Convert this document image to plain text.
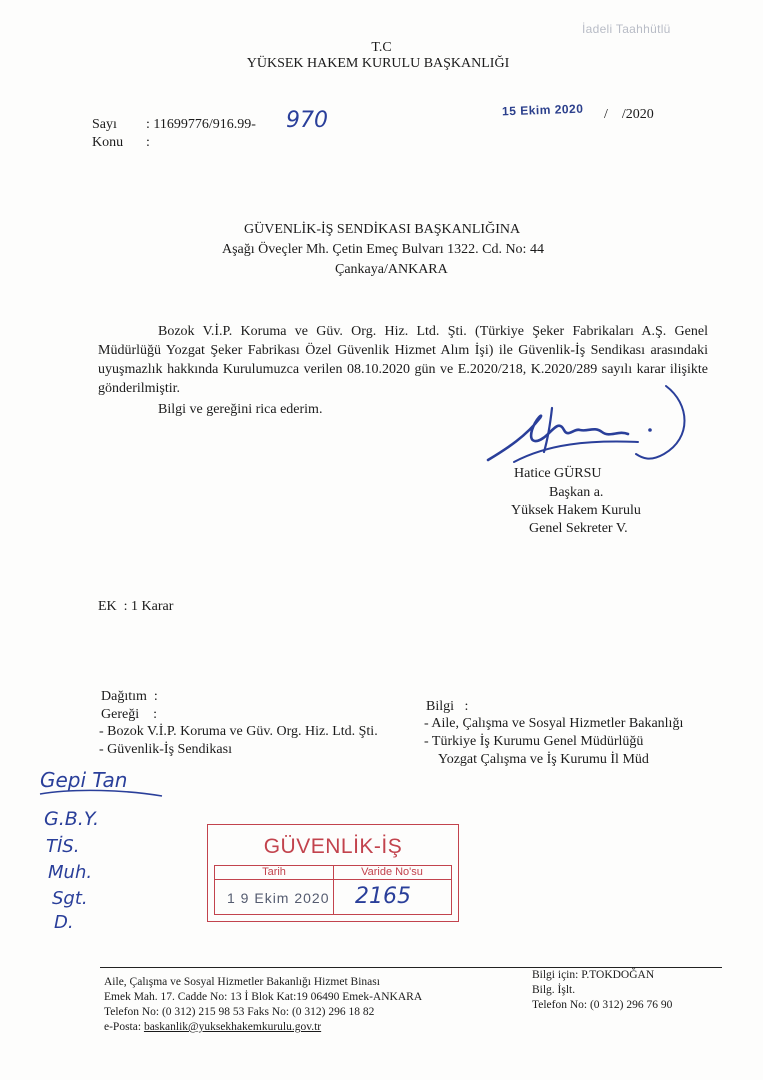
İadeli Taahhütlü
T.C
YÜKSEK HAKEM KURULU BAŞKANLIĞI
Sayı : 11699776/916.99- 970
Konu :
15 Ekim 2020 /    /2020
GÜVENLİK-İŞ SENDİKASI BAŞKANLIĞINA
Aşağı Öveçler Mh. Çetin Emeç Bulvarı 1322. Cd. No: 44
Çankaya/ANKARA
Bozok V.İ.P. Koruma ve Güv. Org. Hiz. Ltd. Şti. (Türkiye Şeker Fabrikaları A.Ş. Genel Müdürlüğü Yozgat Şeker Fabrikası Özel Güvenlik Hizmet Alım İşi) ile Güvenlik-İş Sendikası arasındaki uyuşmazlık hakkında Kurulumuzca verilen 08.10.2020 gün ve E.2020/218, K.2020/289 sayılı karar ilişikte gönderilmiştir.
Bilgi ve gereğini rica ederim.
Hatice GÜRSU
Başkan a.
Yüksek Hakem Kurulu
Genel Sekreter V.
EK  : 1 Karar
Dağıtım  :
Gereği    :
- Bozok V.İ.P. Koruma ve Güv. Org. Hiz. Ltd. Şti.
- Güvenlik-İş Sendikası
Bilgi   :
- Aile, Çalışma ve Sosyal Hizmetler Bakanlığı
- Türkiye İş Kurumu Genel Müdürlüğü
Yozgat Çalışma ve İş Kurumu İl Müd
Gepi Tan
G.B.Y.
TİS.
Muh.
Sgt.
D.
GÜVENLİK-İŞ
Tarih	Varide No'su
1 9 Ekim 2020 2165
Aile, Çalışma ve Sosyal Hizmetler Bakanlığı Hizmet Binası
Emek Mah. 17. Cadde No: 13 İ Blok Kat:19 06490 Emek-ANKARA
Telefon No: (0 312) 215 98 53 Faks No: (0 312) 296 18 82
e-Posta: baskanlik@yuksekhakemkurulu.gov.tr
Bilgi için: P.TOKDOĞAN
Bilg. İşlt.
Telefon No: (0 312) 296 76 90
